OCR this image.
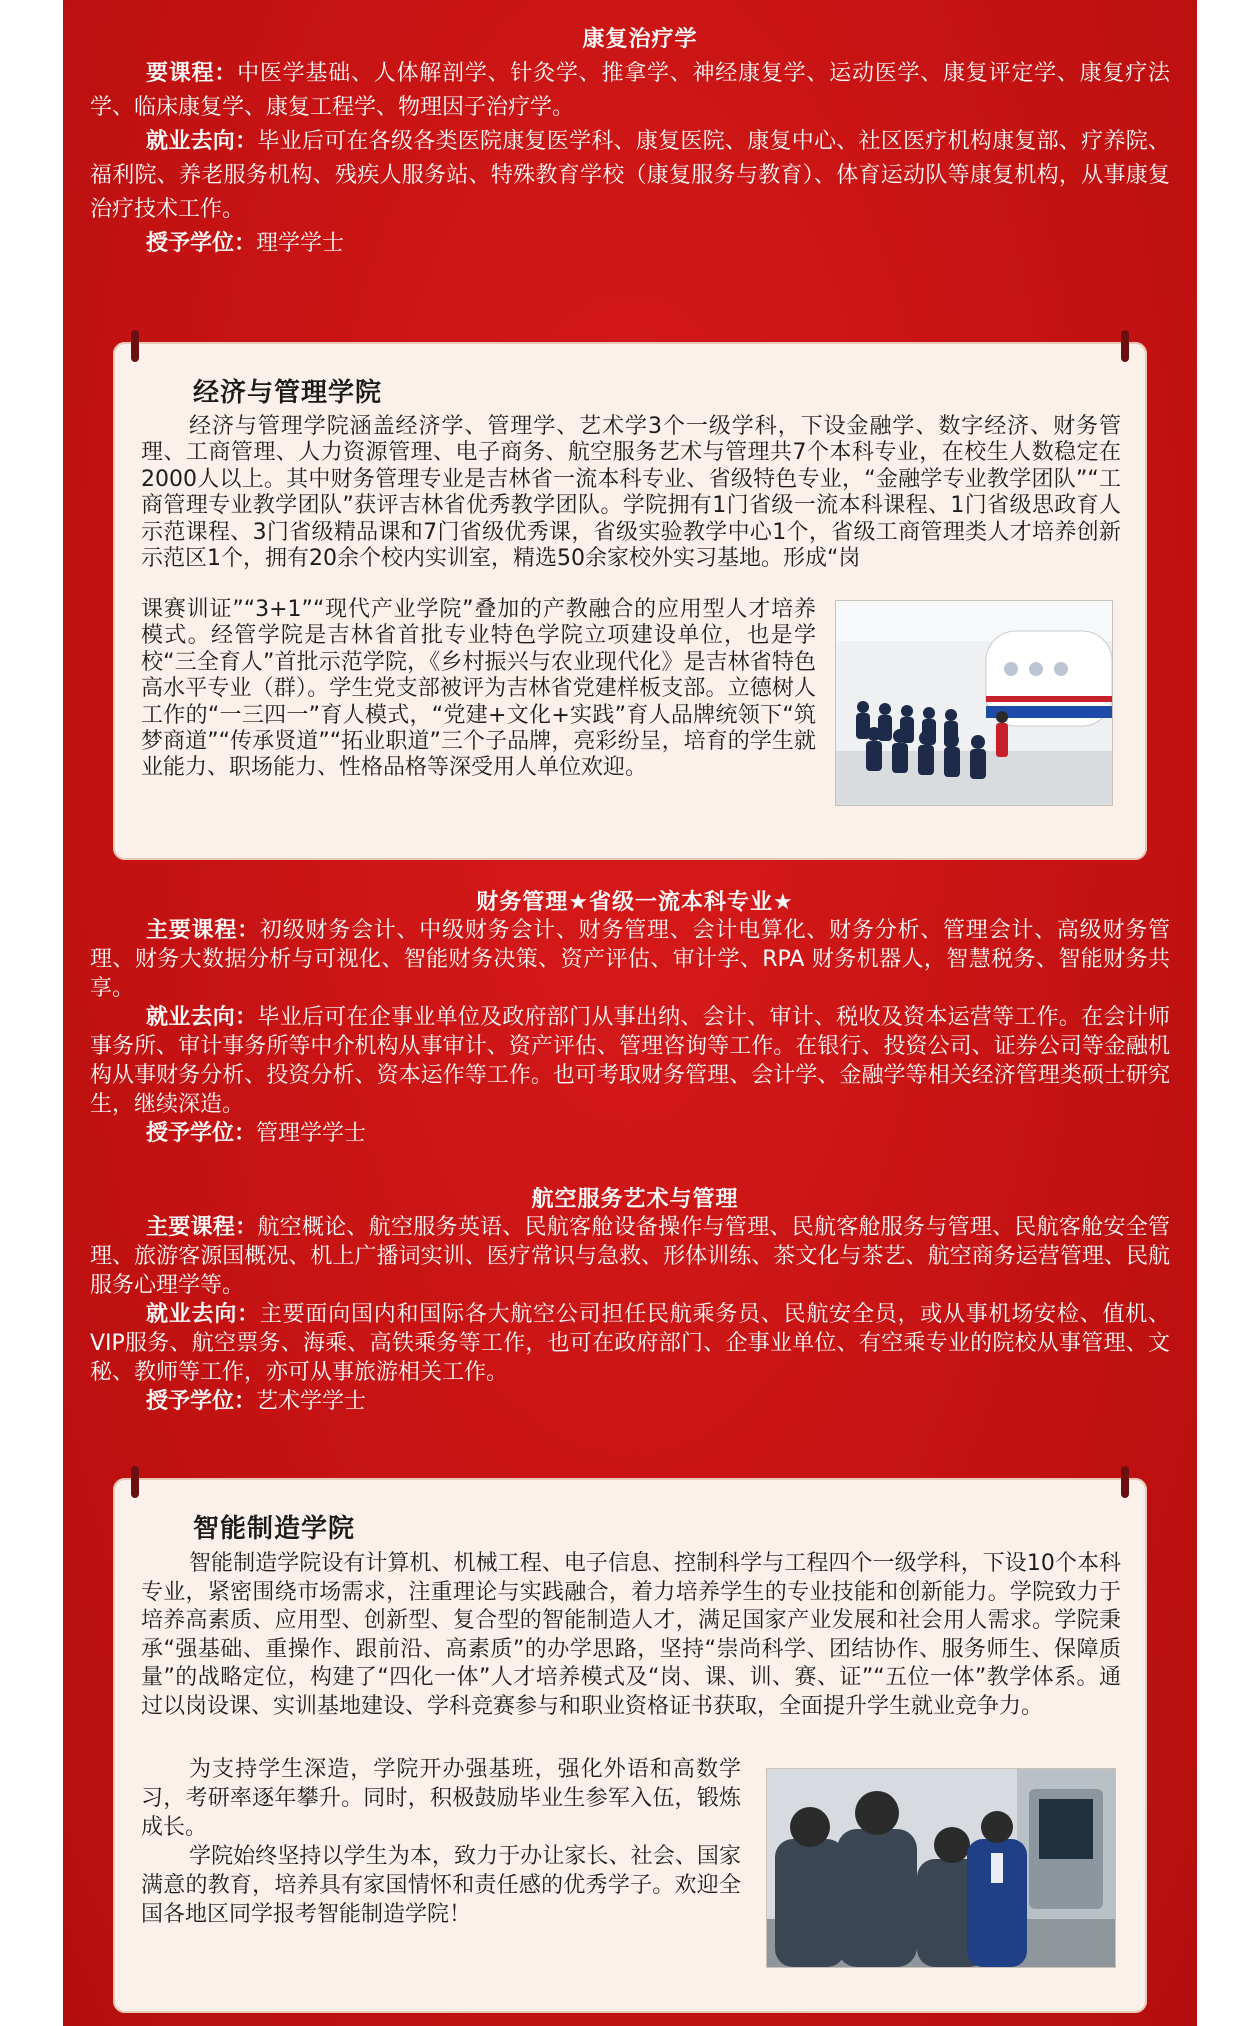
康复治疗学

要课程：中医学基础、人体解剖学、针灸学、推拿学、神经康复学、运动医学、康复评定学、康复疗法学、临床康复学、康复工程学、物理因子治疗学。

就业去向：毕业后可在各级各类医院康复医学科、康复医院、康复中心、社区医疗机构康复部、疗养院、福利院、养老服务机构、残疾人服务站、特殊教育学校（康复服务与教育）、体育运动队等康复机构，从事康复治疗技术工作。

授予学位：理学学士

经济与管理学院

经济与管理学院涵盖经济学、管理学、艺术学3个一级学科，下设金融学、数字经济、财务管理、工商管理、人力资源管理、电子商务、航空服务艺术与管理共7个本科专业，在校生人数稳定在2000人以上。其中财务管理专业是吉林省一流本科专业、省级特色专业，“金融学专业教学团队”“工商管理专业教学团队”获评吉林省优秀教学团队。学院拥有1门省级一流本科课程、1门省级思政育人示范课程、3门省级精品课和7门省级优秀课，省级实验教学中心1个，省级工商管理类人才培养创新示范区1个，拥有20余个校内实训室，精选50余家校外实习基地。形成“岗

课赛训证”“3+1”“现代产业学院”叠加的产教融合的应用型人才培养模式。经管学院是吉林省首批专业特色学院立项建设单位，也是学校“三全育人”首批示范学院，《乡村振兴与农业现代化》是吉林省特色高水平专业（群）。学生党支部被评为吉林省党建样板支部。立德树人工作的“一三四一”育人模式，“党建+文化+实践”育人品牌统领下“筑梦商道”“传承贤道”“拓业职道”三个子品牌，亮彩纷呈，培育的学生就业能力、职场能力、性格品格等深受用人单位欢迎。

财务管理★省级一流本科专业★

主要课程：初级财务会计、中级财务会计、财务管理、会计电算化、财务分析、管理会计、高级财务管理、财务大数据分析与可视化、智能财务决策、资产评估、审计学、RPA 财务机器人，智慧税务、智能财务共享。

就业去向：毕业后可在企事业单位及政府部门从事出纳、会计、审计、税收及资本运营等工作。在会计师事务所、审计事务所等中介机构从事审计、资产评估、管理咨询等工作。在银行、投资公司、证券公司等金融机构从事财务分析、投资分析、资本运作等工作。也可考取财务管理、会计学、金融学等相关经济管理类硕士研究生，继续深造。

授予学位：管理学学士

航空服务艺术与管理

主要课程：航空概论、航空服务英语、民航客舱设备操作与管理、民航客舱服务与管理、民航客舱安全管理、旅游客源国概况、机上广播词实训、医疗常识与急救、形体训练、茶文化与茶艺、航空商务运营管理、民航服务心理学等。

就业去向：主要面向国内和国际各大航空公司担任民航乘务员、民航安全员，或从事机场安检、值机、VIP服务、航空票务、海乘、高铁乘务等工作，也可在政府部门、企事业单位、有空乘专业的院校从事管理、文秘、教师等工作，亦可从事旅游相关工作。

授予学位：艺术学学士

智能制造学院

智能制造学院设有计算机、机械工程、电子信息、控制科学与工程四个一级学科，下设10个本科专业，紧密围绕市场需求，注重理论与实践融合，着力培养学生的专业技能和创新能力。学院致力于培养高素质、应用型、创新型、复合型的智能制造人才，满足国家产业发展和社会用人需求。学院秉承“强基础、重操作、跟前沿、高素质”的办学思路，坚持“崇尚科学、团结协作、服务师生、保障质量”的战略定位，构建了“四化一体”人才培养模式及“岗、课、训、赛、证”“五位一体”教学体系。通过以岗设课、实训基地建设、学科竞赛参与和职业资格证书获取，全面提升学生就业竞争力。

为支持学生深造，学院开办强基班，强化外语和高数学习，考研率逐年攀升。同时，积极鼓励毕业生参军入伍，锻炼成长。

学院始终坚持以学生为本，致力于办让家长、社会、国家满意的教育，培养具有家国情怀和责任感的优秀学子。欢迎全国各地区同学报考智能制造学院！
